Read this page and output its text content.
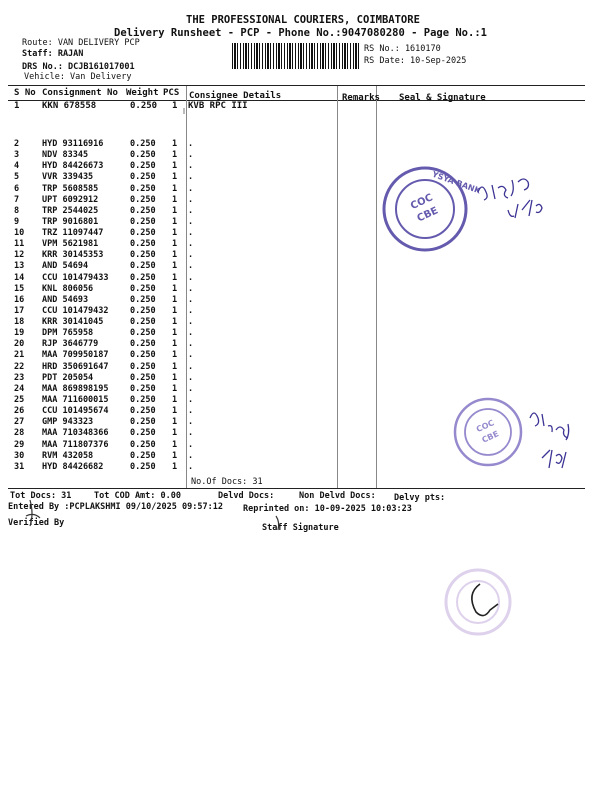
THE PROFESSIONAL COURIERS, COIMBATORE
Delivery Runsheet - PCP - Phone No.:9047080280 - Page No.:1
Route: VAN DELIVERY PCP
Staff: RAJAN
DRS No.: DCJB161017001
Vehicle: Van Delivery
RS No.: 1610170
RS Date: 10-Sep-2025
S No Consignment No Weight PCS Consignee Details	Remarks Seal & Signature
1	KKN 678558	0.250 1 KVB RPC III
2	HYD 93116916	0.250 1 .
3	NDV 83345	0.250 1 .
4	HYD 84426673	0.250 1 .
5	VVR 339435	0.250 1 .
6	TRP 5608585	0.250 1 .
7	UPT 6092912	0.250 1 .
8	TRP 2544025	0.250 1 .
9	TRP 9016801	0.250 1 .
10 TRZ 11097447	0.250 1 .
11 VPM 5621981	0.250 1 .
12 KRR 30145353	0.250 1 .
13 AND 54694	0.250 1 .
14 CCU 101479433	0.250 1 .
15 KNL 806056	0.250 1 .
16 AND 54693	0.250 1 .
17 CCU 101479432	0.250 1 .
18 KRR 30141045	0.250 1 .
19 DPM 765958	0.250 1 .
20 RJP 3646779	0.250 1 .
21 MAA 709950187	0.250 1 .
22 HRD 350691647	0.250 1 .
23 PDT 205054	0.250 1 .
24 MAA 869898195	0.250 1 .
25 MAA 711600015	0.250 1 .
26 CCU 101495674	0.250 1 .
27 GMP 943323	0.250 1 .
28 MAA 710348366	0.250 1 .
29 MAA 711807376	0.250 1 .
30 RVM 432058	0.250 1 .
31 HYD 84426682	0.250 1 .
No.Of Docs: 31
Tot Docs: 31	Tot COD Amt: 0.00	Delvd Docs:	Non Delvd Docs: Delvy pts:
Entered By :PCPLAKSHMI 09/10/2025 09:57:12 Reprinted on: 10-09-2025 10:03:23
Verified By	Staff Signature
COC
CBE
YSYA BANK
COC
CBE
